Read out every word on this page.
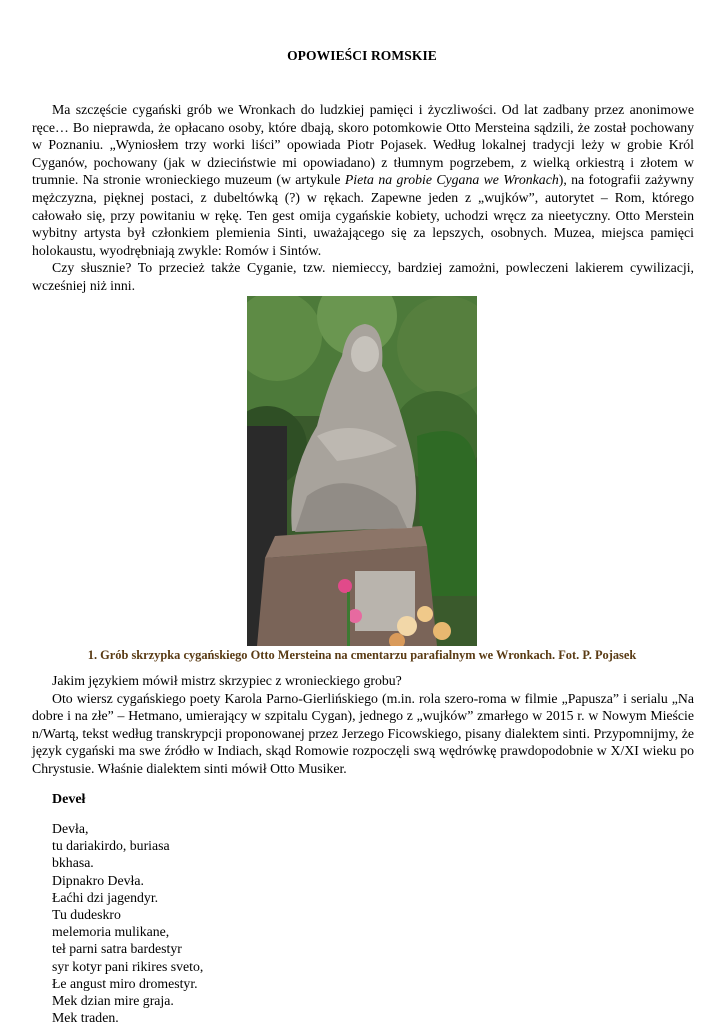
OPOWIEŚCI ROMSKIE

Ma szczęście cygański grób we Wronkach do ludzkiej pamięci i życzliwości. Od lat zadbany przez anonimowe ręce… Bo nieprawda, że opłacano osoby, które dbają, skoro potomkowie Otto Mersteina sądzili, że został pochowany w Poznaniu. „Wyniosłem trzy worki liści” opowiada Piotr Pojasek. Według lokalnej tradycji leży w grobie Król Cyganów, pochowany (jak w dzieciństwie mi opowiadano) z tłumnym pogrzebem, z wielką orkiestrą i złotem w trumnie. Na stronie wronieckiego muzeum (w artykule Pieta na grobie Cygana we Wronkach), na fotografii zażywny mężczyzna, pięknej postaci, z dubeltówką (?) w rękach. Zapewne jeden z „wujków”, autorytet – Rom, którego całowało się, przy powitaniu w rękę. Ten gest omija cygańskie kobiety, uchodzi wręcz za nieetyczny. Otto Merstein wybitny artysta był członkiem plemienia Sinti, uważającego się za lepszych, osobnych. Muzea, miejsca pamięci holokaustu, wyodrębniają zwykle: Romów i Sintów.

Czy słusznie? To przecież także Cyganie, tzw. niemieccy, bardziej zamożni, powleczeni lakierem cywilizacji, wcześniej niż inni.

1. Grób skrzypka cygańskiego Otto Mersteina na cmentarzu parafialnym we Wronkach. Fot. P. Pojasek

Jakim językiem mówił mistrz skrzypiec z wronieckiego grobu?

Oto wiersz cygańskiego poety Karola Parno-Gierlińskiego (m.in. rola szero-roma w filmie „Papusza” i serialu „Na dobre i na złe” – Hetmano, umierający w szpitalu Cygan), jednego z „wujków” zmarłego w 2015 r. w Nowym Mieście n/Wartą, tekst według transkrypcji proponowanej przez Jerzego Ficowskiego, pisany dialektem sinti. Przypomnijmy, że język cygański ma swe źródło w Indiach, skąd Romowie rozpoczęli swą wędrówkę prawdopodobnie w X/XI wieku po Chrystusie. Właśnie dialektem sinti mówił Otto Musiker.

Deveł
Devła,
tu dariakirdo, buriasa
bkhasa.
Dipnakro Devła.
Łaćhi dzi jagendyr.
Tu dudeskro
melemoria mulikane,
teł parni satra bardestyr
syr kotyr pani rikires sveto,
Łe angust miro dromestyr.
Mek dzian mire graja.
Mek traden.
